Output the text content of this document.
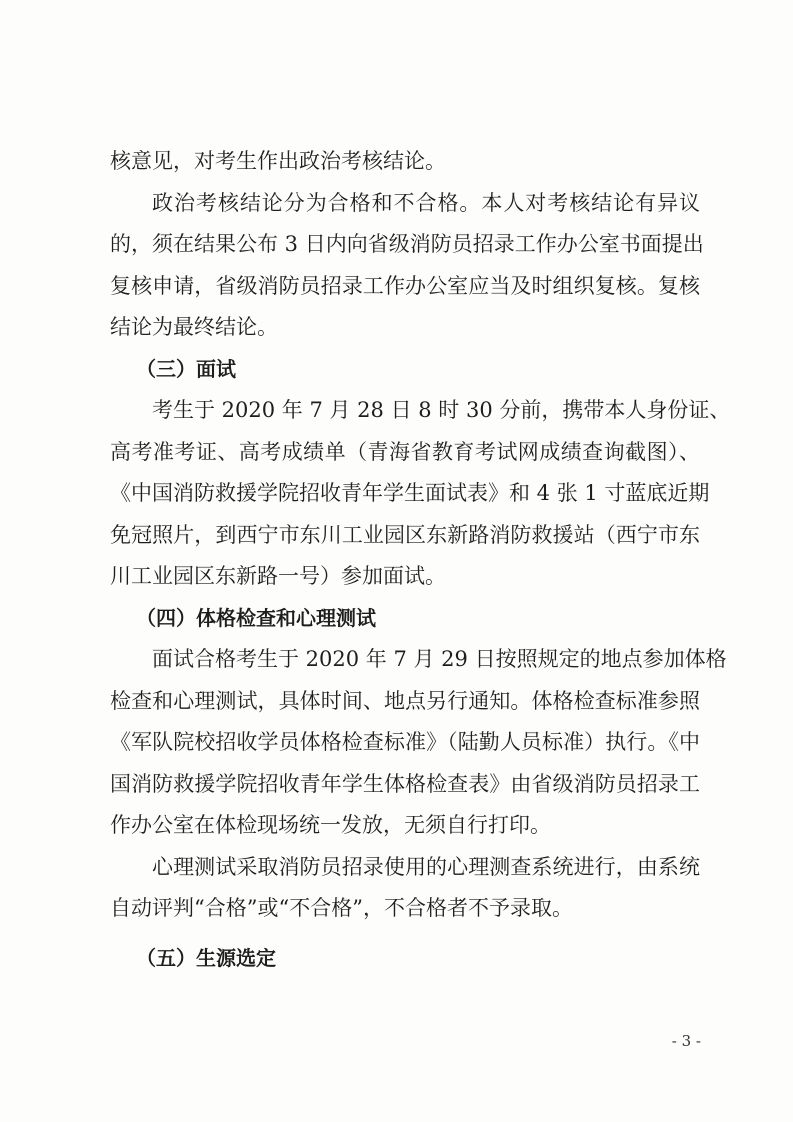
核意见，对考生作出政治考核结论。
政治考核结论分为合格和不合格。本人对考核结论有异议
的，须在结果公布 3 日内向省级消防员招录工作办公室书面提出
复核申请，省级消防员招录工作办公室应当及时组织复核。复核
结论为最终结论。
（三）面试
考生于 2020 年 7 月 28 日 8 时 30 分前，携带本人身份证、
高考准考证、高考成绩单（青海省教育考试网成绩查询截图）、
《中国消防救援学院招收青年学生面试表》和 4 张 1 寸蓝底近期
免冠照片，到西宁市东川工业园区东新路消防救援站（西宁市东
川工业园区东新路一号）参加面试。
（四）体格检查和心理测试
面试合格考生于 2020 年 7 月 29 日按照规定的地点参加体格
检查和心理测试，具体时间、地点另行通知。体格检查标准参照
《军队院校招收学员体格检查标准》（陆勤人员标准）执行。《中
国消防救援学院招收青年学生体格检查表》由省级消防员招录工
作办公室在体检现场统一发放，无须自行打印。
心理测试采取消防员招录使用的心理测查系统进行，由系统
自动评判“合格”或“不合格”，不合格者不予录取。
（五）生源选定
- 3 -
